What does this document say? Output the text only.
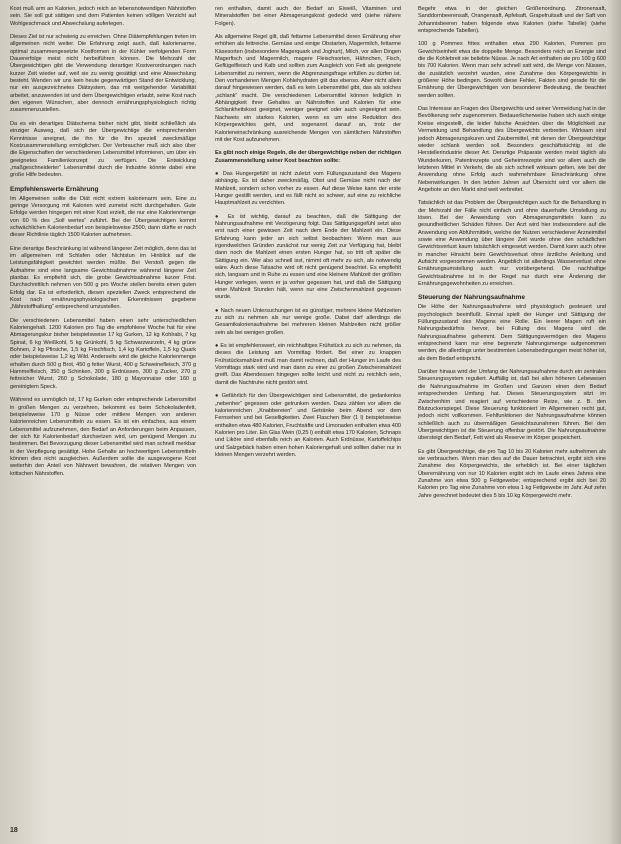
Kost muß arm an Kalorien, jedoch reich an lebensnotwendigen Nährstoffen sein. Sie soll gut sättigen und dem Patienten keinen völligen Verzicht auf Wohlgeschmack und Abwechslung auferlegen.

Dieses Ziel ist nur schwierig zu erreichen. Ohne Diätempfehlungen treten im allgemeinen nicht weiter. Die Erfahrung zeigt auch, daß kalorienarme, optimal zusammengesetzte Kostformen in der Kühler verfolgenden Form Dauererfolge meist nicht herbeiführen können. Die Mehrzahl der Übergewichtigen gibt die Verwendung derartiger Kostverordnungen nach kurzer Zeit wieder auf, weil sie zu wenig gesättigt und eine Abwechslung besteht. Wenden wir uns kein heute gegenwärtigen Stand der Entwicklung, nur ein ausgezeichnetes Diätsystem, das mit weitgehender Variabilität arbeitet, anzuwenden ist und dem Übergewichtigen erlaubt, seine Kost nach den eigenen Wünschen, aber dennoch ernährungsphysiologisch richtig zusammenzustellen.

Da es ein derartiges Diätschema bisher nicht gibt, bleibt schließlich als einziger Ausweg, daß sich der Übergewichtige die entsprechenden Kenntnisse aneignet, die ihn für die Ihn speziell zweckmäßige Kostzusammenstellung ermöglichen. Der Verbraucher muß sich also über die Eigenschaften der verschiedenen Lebensmittel informieren, um über ein geeignetes Familienkonzept zu verfügen. Die Entwicklung „maßgeschneiderter“ Lebensmittel durch die Industrie könnte dabei eine große Hilfe bedeuten.

Empfehlenswerte Ernährung

Im Allgemeinen sollte die Diät nicht extrem kalorienarm sein. Eine zu geringe Versorgung mit Kalorien wird zumeist nicht durchgehalten. Gute Erfolge werden hingegen mit einer Kost erzielt, die nur eine Kalorienmenge von 60 % des „Soll wertes“ zuführt. Bei der Übergewichtigen kommt schwächlichen Kalorienbedarf von beispielsweise 2500, dann dürfte er nach dieser Richtlinie täglich 1500 Kalorien aufnehmen.

Eine derartige Beschränkung ist während längerer Zeit möglich, denn das ist im allgemeinen mit Schlafen oder Nichtstun im Hinblick auf die Leistungsfähigkeit gewichtet werden müßte. Bei Verstoß gegen die Aufnahme sind eine langsame Gewichtsabnahme während längerer Zeit planbar. Es empfiehlt sich, die grobe Gewichtsabnahme kurzer Frist. Durchschnittlich nehmen von 500 g pro Woche stellen bereits einen guten Erfolg dar. Es ist erforderlich, diesen speziellen Zweck entsprechend die Kost nach ernährungsphysiologischen Erkenntnissen gegebene „Nährstoffhaltung“ entsprechend umzustellen.

Die verschiedenen Lebensmittel haben einen sehr unterschiedlichen Kaloriengehalt. 1200 Kalorien pro Tag die empfohlene Woche hat für eine Abmagerungskur bisher beispielsweise 17 kg Gurken, 12 kg Kohlrabi, 7 kg Spinat, 6 kg Weißkohl, 5 kg Grünkohl, 5 kg Schwarzwurzeln, 4 kg grüne Bohnen, 2 kg Pfirsiche, 1,5 kg Frischfisch, 1,4 kg Kartoffeln, 1,5 kg Quark oder beispielsweise 1,2 kg Wild. Anderseits wird die gleiche Kalorienmenge erhalten durch 500 g Brot, 450 g fetter Wurst, 400 g Schweinefleisch, 370 g Hammelfleisch, 350 g Schinken, 300 g Erdnüssen, 300 g Zucker, 270 g fettreicher Wurst, 260 g Schokolade, 180 g Mayonnaise oder 160 g gereinigtem Speck.

Während es unmöglich ist, 17 kg Gurken oder entsprechende Lebensmittel in großen Mengen zu verzehren, bekommt es beim Schokoladenfett, beispielsweise 170 g Nüsse oder mittlere Mengen von anderen kalorienreichen Lebensmitteln zu essen. Es ist ein einfaches, aus einem Lebensmittel aufzunehmen, den Bedarf an Anforderungen beim Anpassen, der sich für Kalorienbedarf durchsetzen wird, um genügend Mengen zu bestimmen. Bei Bevorzugung dieser Lebensmittel wird man schnell merkbar in der Verpflegung gesättigt. Hohe Gehalte an hochwertigen Lebensmitteln können dies nicht ausgleichen. Außerdem sollte die ausgewogene Kost weiterhin den Anteil von Nährwert bewahren, die relativen Mengen von kritischen Nährstoffen.

ren enthalten, damit auch der Bedarf an Eiweiß, Vitaminen und Mineralstoffen bei einer Abmagerungskost gedeckt wird (siehe nähere Folgen).

Als allgemeine Regel gilt, daß fettarme Lebensmittel deren Ernährung eher erhöhen als fettreiche. Gemüse und einige Obstarten, Magermilch, fettarme Käsesorten (insbesondere Magerquark und Joghurt), Milch, vor allen Dingen Magerfisch und Magermilch, magere Fleischsorten, Hähnchen, Fisch, Geflügelfleisch und Kalb und sollten zum Ausgleich von Fett als geeignete Lebensmittel zu nennen, wenn die Abgrenzungsfrage erfüllen zu dürfen ist. Den vorhandenen Mengen Kohlehydraten gilt das ebenso. Aber nicht allein darauf hingewiesen werden, daß es kein Lebensmittel gibt, das als solches „schlank“ macht. Die verschiedenen Lebensmittel können lediglich in Abhängigkeit ihrer Gehaltes an Nährstoffen und Kalorien für eine Schlankheitskost geeignet, weniger geeignet oder auch ungeeignet sein. Nachweis ein starkes Kalorien, wenn es um eine Reduktion des Körpergewichtes geht, und sogenannt darauf an, trotz der Kalorieneinschränkung ausreichende Mengen von sämtlichen Nährstoffen mit der Kost aufzunehmen.

Es gibt noch einige Regeln, die der übergewichtige neben der richtigen Zusammenstellung seiner Kost beachten sollte:

● Das Hungergefühl ist nicht zuletzt vom Füllungszustand des Magens abhängig. Es ist daher zweckmäßig, Obst und Gemüse nicht nach der Mahlzeit, sondern schon vorher zu essen. Auf diese Weise kann der erste Hunger gestillt werden, und es fällt nicht so schwer, auf eine zu reichliche Hauptmahlzeit zu verzichten.

● Es ist wichtig, darauf zu beachten, daß die Sättigung der Nahrungsaufnahme mit Verzögerung folgt. Das Sättigungsgefühl setzt also erst nach einer gewissen Zeit nach dem Ende der Mahlzeit ein. Diese Erfahrung kann jeder an sich selbst beobachten: Wenn man aus irgendwelchen Gründen zunächst nur wenig Zeit zur Verfügung hat, bleibt dann noch die Mahlzeit einen ersten Hunger hat, so tritt oft später die Sättigung ein. Wer also schnell isst, nimmt oft mehr zu sich, als notwendig wäre. Auch diese Tatsache wird oft nicht genügend beachtet. Es empfiehlt sich, langsam und in Ruhe zu essen und eine kleinere Mahlzeit der größten Hunger vorlegen, wenn er ja vorher gegessen hat, und daß die Sättigung einer Mahlzeit Stunden hält, wenn nur eine Zwischenmahlzeit gegessen wurde.

● Nach neuen Untersuchungen ist es günstiger, mehrere kleine Mahlzeiten zu sich zu nehmen als nur wenige große. Dabei darf allerdings die Gesamtkalorienaufnahme bei mehreren kleinen Mahlzeiten nicht größer sein als bei wenigen großen.

● Es ist empfehlenswert, ein reichhaltiges Frühstück zu sich zu nehmen, da dieses die Leistung am Vormittag fördert. Bei einer zu knappen Frühstücksmahlzeit muß man damit rechnen, daß der Hunger im Laufe des Vormittags stark wird und man dann zu einer zu großen Zwischenmahlzeit greift. Das Abendessen hingegen sollte leicht und nicht zu reichlich sein, damit die Nachtruhe nicht gestört wird.

● Gefährlich für den Übergewichtigen sind Lebensmittel, die gedankenlos „nebenher“ gegessen oder getrunken werden. Dazu zählen vor allem die kalorienreichen „Knabbereien“ und Getränke beim Abend vor dem Fernsehen und bei Geselligkeiten. Zwei Flaschen Bier (1 l) beispielsweise enthalten etwa 480 Kalorien, Fruchtsäfte und Limonaden enthalten etwa 400 Kalorien pro Liter. Ein Glas Wein (0,25 l) enthält etwa 170 Kalorien, Schnaps und Liköre sind ebenfalls reich an Kalorien. Auch Erdnüsse, Kartoffelchips und Salzgebäck haben einen hohen Kaloriengehalt und sollten daher nur in kleinen Mengen verzehrt werden.

Begehr etwa in der gleichen Größenordnung. Zitronensaft, Sanddornbeerensaft, Orangensaft, Apfelsaft, Grapefruitsaft und der Saft von Johannisbeeren haben folgende etwa Kalorien (siehe Tabelle) (siehe entsprechende Tabellen).

100 g Pommes frites enthalten etwa 290 Kalorien, Pommes pro Gewichtseinheit etwa die doppelte Menge. Besonders reich an Energie sind die die Kohlebreit sie beliebte Nüsse. Je nach Art enthalten sie pro 100 g 600 bis 700 Kalorien. Wenn man sehr schnell satt wird, die Menge von Nüssen, die zusätzlich verzehrt wurden, eine Zunahme des Körpergewichts in größerer Höhe bedingen. Sowohl diese Fehler, Fakten sind gerade für die Ernährung der Übergewichtigen von besonderer Bedeutung, die beachtet werden sollten.

Das Interesse an Fragen des Übergewichts und seiner Vermeidung hat in der Bevölkerung sehr zugenommen. Bedauerlicherweise haben sich auch einige Kreise eingestellt, die leider falsche Ansichten über die Möglichkeit zur Vermeidung und Behandlung des Übergewichts verbreiten. Wirksam sind jedoch Abmagerungskuren und Zaubermittel, mit denen der Übergewichtige wieder schlank werden soll. Besonders geschäftstüchtig ist die Herstellerindustrie dieser Art. Derartige Präparate werden meist täglich als Wunderkuren, Patentrezepte und Geheimrezepte sind vor allem auch die letzteren Mittel in Verkehr, die als sich schnell wirksam gelten, wie bei der Anwendung ohne Erfolg auch wahrnehmbare Einschränkung ohne Nebenwirkungen. In den letzten Jahren auf Übersicht wird vor allem die Angebote an den Markt sind weit verbreitet.

Tatsächlich ist das Problem der Übergewichtigen auch für die Behandlung in der Mehrzahl der Fälle nicht einfach und ohne dauerhafte Umstellung zu lösen. Bei der Anwendung von Abmagerungsmitteln kann zu gesundheitlichen Schäden führen. Der Arzt wird hier insbesondere auf die Anwendung von Abführmitteln, welche der Nutzen verschiedener Arzneimittel sowie eine Anwendung über längere Zeit wurde ohne den schädlichen Gewichtsverlust kaum tatsächlich eingesetzt werden. Damit kann auch ohne in mancher Hinsicht beim Gewichtsverlust ohne ärztliche Anleitung und Aufsicht vorgenommen werden. Angeblich ist allerdings Wasserverlust ohne Ernährungsumstellung auch nur vorübergehend. Die nachhaltige Gewichtsabnahme ist in der Regel nur durch eine Änderung der Ernährungsgewohnheiten zu erreichen.

Steuerung der Nahrungsaufnahme

Die Höhe der Nahrungsaufnahme wird physiologisch gesteuert und psychologisch beeinflußt. Einmal spielt der Hunger und Sättigung der Füllungszustand des Magens eine Rolle. Ein leerer Magen ruft ein Nahrungsbedürfnis hervor, bei Füllung des Magens wird die Nahrungsaufnahme gehemmt. Dem Sättigungsvermögen des Magens entsprechend kann nur eine begrenzte Nahrungsmenge aufgenommen werden, die allerdings unter bestimmten Lebensbedingungen meist höher ist, als dem Bedarf entspricht.

Darüber hinaus wird der Umfang der Nahrungsaufnahme durch ein zentrales Steuerungssystem reguliert. Auffällig ist, daß bei allen höheren Lebewesen die Nahrungsaufnahme im Großen und Ganzen einen dem Bedarf entsprechenden Umfang hat. Dieses Steuerungssystem sitzt im Zwischenhirn und reagiert auf verschiedene Reize, wie z. B. den Blutzuckerspiegel. Diese Steuerung funktioniert im Allgemeinen recht gut, jedoch nicht vollkommen. Fehlfunktionen der Nahrungsaufnahme können schließlich auch zu übermäßigen Gewichtszunahmen führen. Bei den Übergewichtigen ist die Steuerung offenbar gestört. Die Nahrungsaufnahme übersteigt den Bedarf, Fett wird als Reserve im Körper gespeichert.

Es gibt Übergewichtige, die pro Tag 10 bis 20 Kalorien mehr aufnehmen als sie verbrauchen. Wenn man dies auf die Dauer betrachtet, ergibt sich eine Zunahme des Körpergewichts, die erheblich ist. Bei einer täglichen Überernährung von nur 10 Kalorien ergibt sich im Laufe eines Jahres eine Zunahme von etwa 500 g Fettgewebe; entsprechend ergibt sich bei 20 Kalorien pro Tag eine Zunahme von etwa 1 kg Fettgewebe im Jahr. Auf zehn Jahre gerechnet bedeutet dies 5 bis 10 kg Körpergewicht mehr.

18
